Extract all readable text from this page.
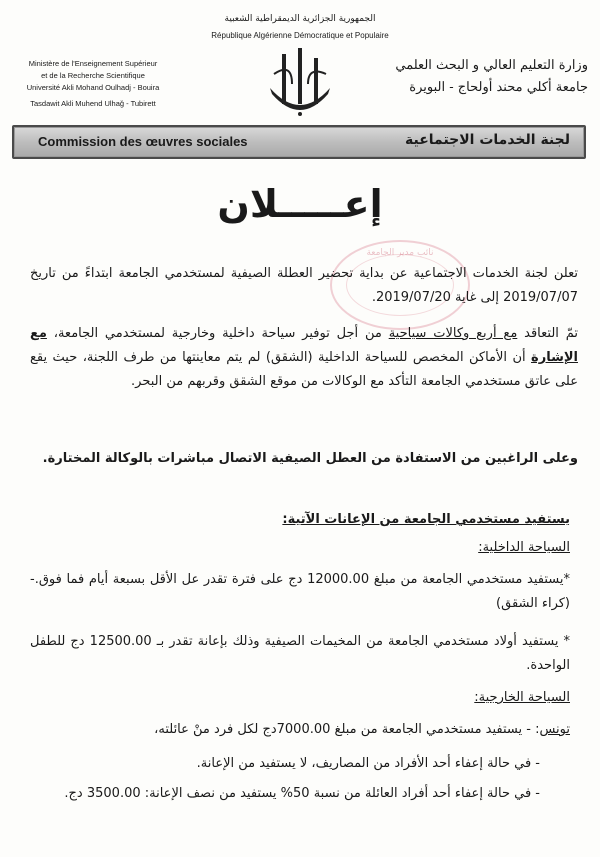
الجمهورية الجزائرية الديمقراطية الشعبية
République Algérienne Démocratique et Populaire
Ministère de l'Enseignement Supérieur
et de la Recherche Scientifique
Université Akli Mohand Oulhadj - Bouira
Tasdawit Akli Muhend Ulhaǧ - Tubirett
وزارة التعليم العالي و البحث العلمي
جامعة أكلي محند أولحاج - البويرة
Commission des œuvres sociales	لجنة الخدمات الاجتماعية
إعـــــلان
نائب مدير الجامعة
تعلن لجنة الخدمات الاجتماعية عن بداية تحضير العطلة الصيفية لمستخدمي الجامعة ابتداءً من تاريخ 2019/07/07 إلى غاية 2019/07/20.
تمّ التعاقد مع أربع وكالات سياحية من أجل توفير سياحة داخلية وخارجية لمستخدمي الجامعة، مع الإشارة أن الأماكن المخصص للسياحة الداخلية (الشقق) لم يتم معاينتها من طرف اللجنة، حيث يقع على عاتق مستخدمي الجامعة التأكد مع الوكالات من موقع الشقق وقربهم من البحر.
وعلى الراغبين من الاستفادة من العطل الصيفية الاتصال مباشرات بالوكالة المختارة.
يستفيد مستخدمي الجامعة من الإعانات الآتية:
السياحة الداخلية:
*يستفيد مستخدمي الجامعة من مبلغ 12000.00 دج على فترة تقدر عل الأقل بسبعة أيام فما فوق.-(كراء الشقق)
* يستفيد أولاد مستخدمي الجامعة من المخيمات الصيفية وذلك بإعانة تقدر بـ 12500.00 دج للطفل الواحدة.
السياحة الخارجية:
تونس: - يستفيد مستخدمي الجامعة من مبلغ 7000.00دج لكل فرد منْ عائلته،
- في حالة إعفاء أحد الأفراد من المصاريف، لا يستفيد من الإعانة.
- في حالة إعفاء أحد أفراد العائلة من نسبة 50% يستفيد من نصف الإعانة: 3500.00 دج.
